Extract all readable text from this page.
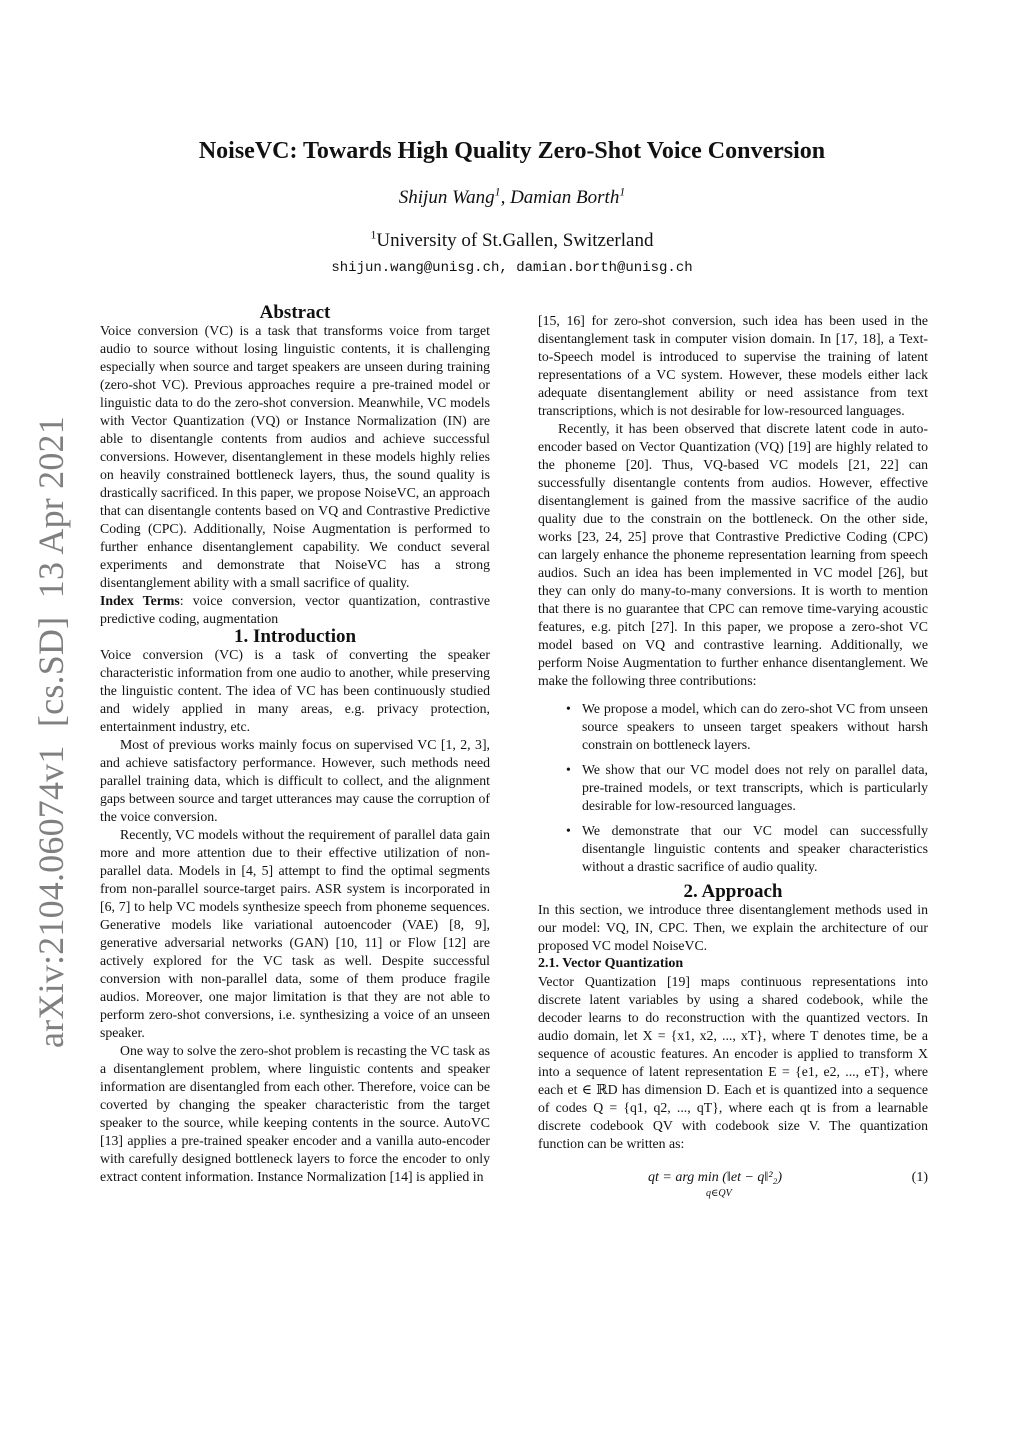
arXiv:2104.06074v1  [cs.SD]  13 Apr 2021
NoiseVC: Towards High Quality Zero-Shot Voice Conversion
Shijun Wang$^1$, Damian Borth$^1$
$^1$University of St.Gallen, Switzerland
shijun.wang@unisg.ch, damian.borth@unisg.ch
Abstract

Voice conversion (VC) is a task that transforms voice from target audio to source without losing linguistic contents, it is challenging especially when source and target speakers are unseen during training (zero-shot VC). Previous approaches require a pre-trained model or linguistic data to do the zero-shot conversion. Meanwhile, VC models with Vector Quantization (VQ) or Instance Normalization (IN) are able to disentangle contents from audios and achieve successful conversions. However, disentanglement in these models highly relies on heavily constrained bottleneck layers, thus, the sound quality is drastically sacrificed. In this paper, we propose NoiseVC, an approach that can disentangle contents based on VQ and Contrastive Predictive Coding (CPC). Additionally, Noise Augmentation is performed to further enhance disentanglement capability. We conduct several experiments and demonstrate that NoiseVC has a strong disentanglement ability with a small sacrifice of quality.

Index Terms: voice conversion, vector quantization, contrastive predictive coding, augmentation

1. Introduction

Voice conversion (VC) is a task of converting the speaker characteristic information from one audio to another, while preserving the linguistic content. The idea of VC has been continuously studied and widely applied in many areas, e.g. privacy protection, entertainment industry, etc.

Most of previous works mainly focus on supervised VC [1, 2, 3], and achieve satisfactory performance. However, such methods need parallel training data, which is difficult to collect, and the alignment gaps between source and target utterances may cause the corruption of the voice conversion.

Recently, VC models without the requirement of parallel data gain more and more attention due to their effective utilization of non-parallel data. Models in [4, 5] attempt to find the optimal segments from non-parallel source-target pairs. ASR system is incorporated in [6, 7] to help VC models synthesize speech from phoneme sequences. Generative models like variational autoencoder (VAE) [8, 9], generative adversarial networks (GAN) [10, 11] or Flow [12] are actively explored for the VC task as well. Despite successful conversion with non-parallel data, some of them produce fragile audios. Moreover, one major limitation is that they are not able to perform zero-shot conversions, i.e. synthesizing a voice of an unseen speaker.

One way to solve the zero-shot problem is recasting the VC task as a disentanglement problem, where linguistic contents and speaker information are disentangled from each other. Therefore, voice can be coverted by changing the speaker characteristic from the target speaker to the source, while keeping contents in the source. AutoVC [13] applies a pre-trained speaker encoder and a vanilla auto-encoder with carefully designed bottleneck layers to force the encoder to only extract content information. Instance Normalization [14] is applied in

[15, 16] for zero-shot conversion, such idea has been used in the disentanglement task in computer vision domain. In [17, 18], a Text-to-Speech model is introduced to supervise the training of latent representations of a VC system. However, these models either lack adequate disentanglement ability or need assistance from text transcriptions, which is not desirable for low-resourced languages.

Recently, it has been observed that discrete latent code in auto-encoder based on Vector Quantization (VQ) [19] are highly related to the phoneme [20]. Thus, VQ-based VC models [21, 22] can successfully disentangle contents from audios. However, effective disentanglement is gained from the massive sacrifice of the audio quality due to the constrain on the bottleneck. On the other side, works [23, 24, 25] prove that Contrastive Predictive Coding (CPC) can largely enhance the phoneme representation learning from speech audios. Such an idea has been implemented in VC model [26], but they can only do many-to-many conversions. It is worth to mention that there is no guarantee that CPC can remove time-varying acoustic features, e.g. pitch [27]. In this paper, we propose a zero-shot VC model based on VQ and contrastive learning. Additionally, we perform Noise Augmentation to further enhance disentanglement. We make the following three contributions:

• We propose a model, which can do zero-shot VC from unseen source speakers to unseen target speakers without harsh constrain on bottleneck layers.
• We show that our VC model does not rely on parallel data, pre-trained models, or text transcripts, which is particularly desirable for low-resourced languages.
• We demonstrate that our VC model can successfully disentangle linguistic contents and speaker characteristics without a drastic sacrifice of audio quality.
2. Approach

In this section, we introduce three disentanglement methods used in our model: VQ, IN, CPC. Then, we explain the architecture of our proposed VC model NoiseVC.

2.1. Vector Quantization

Vector Quantization [19] maps continuous representations into discrete latent variables by using a shared codebook, while the decoder learns to do reconstruction with the quantized vectors. In audio domain, let X = {x1, x2, ..., xT}, where T denotes time, be a sequence of acoustic features. An encoder is applied to transform X into a sequence of latent representation E = {e1, e2, ..., eT}, where each et ∈ ℝD has dimension D. Each et is quantized into a sequence of codes Q = {q1, q2, ..., qT}, where each qt is from a learnable discrete codebook QV with codebook size V. The quantization function can be written as:

qt = arg min (‖et − q‖²₂)
q∈QV
(1)
